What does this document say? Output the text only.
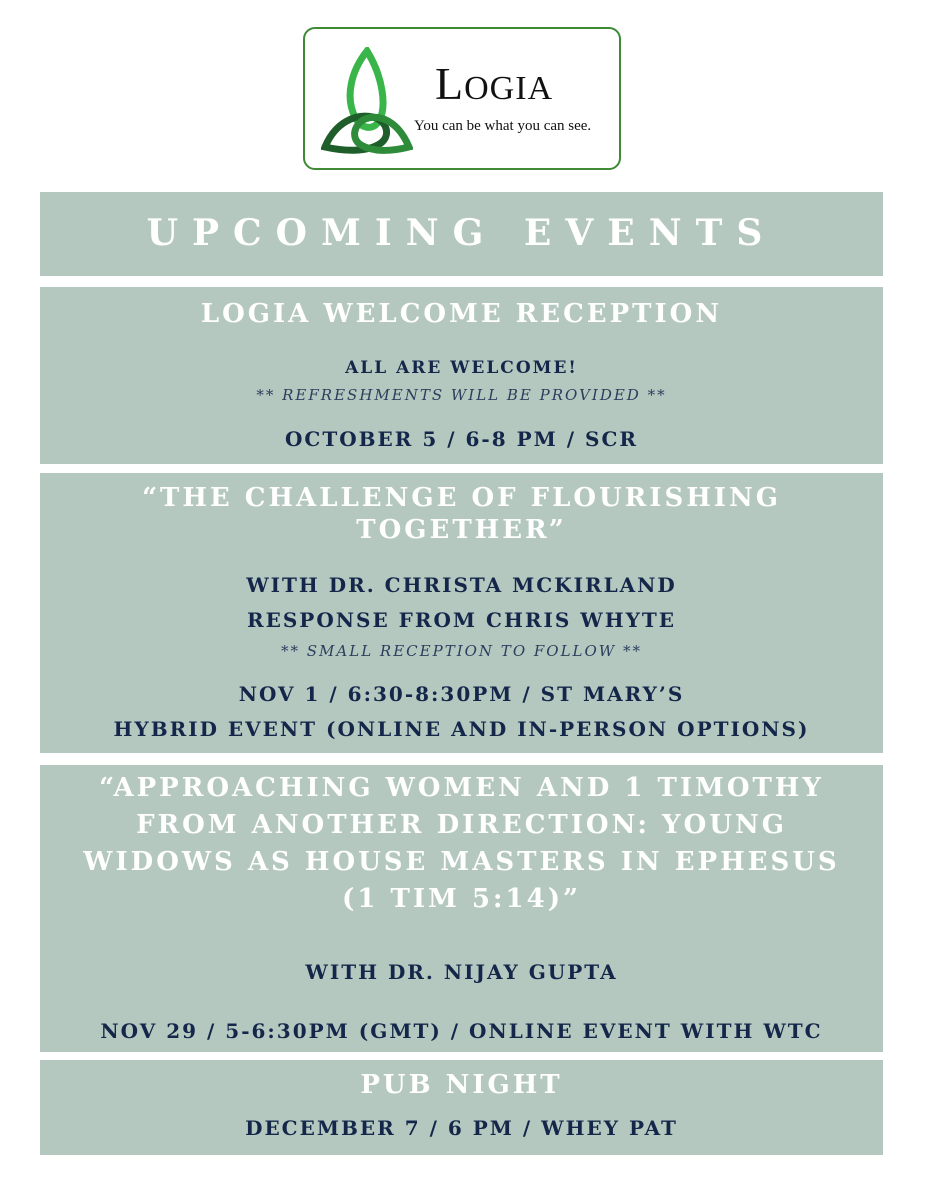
LOGIA
You can be what you can see.
UPCOMING EVENTS
LOGIA WELCOME RECEPTION
ALL ARE WELCOME!
** REFRESHMENTS WILL BE PROVIDED **
OCTOBER 5 / 6-8 PM / SCR
“THE CHALLENGE OF FLOURISHING
TOGETHER”
WITH DR. CHRISTA MCKIRLAND
RESPONSE FROM CHRIS WHYTE
** SMALL RECEPTION TO FOLLOW **
NOV 1 / 6:30-8:30PM / ST MARY’S
HYBRID EVENT (ONLINE AND IN-PERSON OPTIONS)
“APPROACHING WOMEN AND 1 TIMOTHY
FROM ANOTHER DIRECTION: YOUNG
WIDOWS AS HOUSE MASTERS IN EPHESUS
(1 TIM 5:14)”
WITH DR. NIJAY GUPTA
NOV 29 / 5-6:30PM (GMT) / ONLINE EVENT WITH WTC
PUB NIGHT
DECEMBER 7 / 6 PM / WHEY PAT
